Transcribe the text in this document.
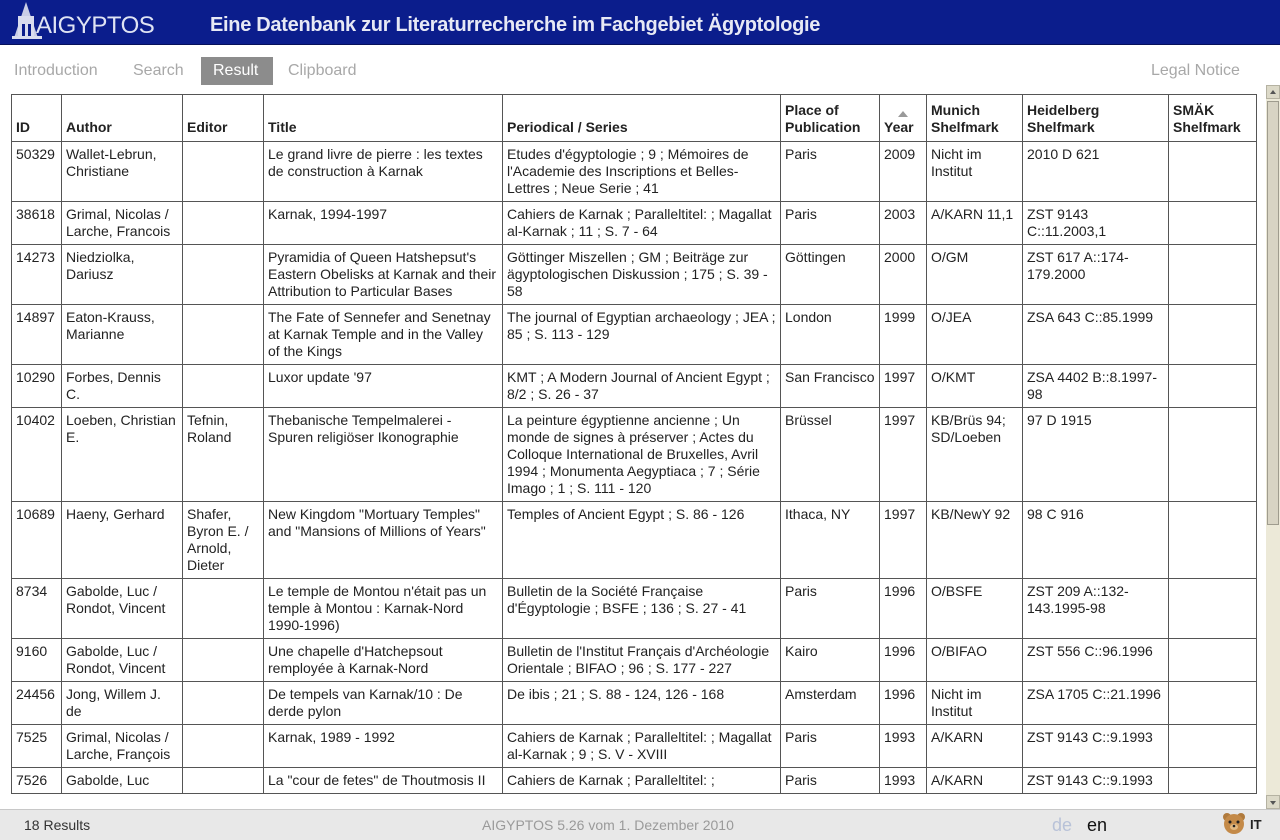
AIGYPTOS	Eine Datenbank zur Literaturrecherche im Fachgebiet Ägyptologie
Introduction	Search	Result	Clipboard	Legal Notice
ID	Author	Editor	Title	Periodical / Series	Place of Publication	Year	Munich Shelfmark	Heidelberg Shelfmark	SMÄK Shelfmark
50329	Wallet-Lebrun, Christiane		Le grand livre de pierre : les textes de construction à Karnak	Etudes d'égyptologie ; 9 ; Mémoires de l'Academie des Inscriptions et Belles-Lettres ; Neue Serie ; 41	Paris	2009	Nicht im Institut	2010 D 621	
38618	Grimal, Nicolas / Larche, Francois		Karnak, 1994-1997	Cahiers de Karnak ; Paralleltitel: ; Magallat al-Karnak ; 11 ; S. 7 - 64	Paris	2003	A/KARN 11,1	ZST 9143 C::11.2003,1	
14273	Niedziolka, Dariusz		Pyramidia of Queen Hatshepsut's Eastern Obelisks at Karnak and their Attribution to Particular Bases	Göttinger Miszellen ; GM ; Beiträge zur ägyptologischen Diskussion ; 175 ; S. 39 - 58	Göttingen	2000	O/GM	ZST 617 A::174-179.2000	
14897	Eaton-Krauss, Marianne		The Fate of Sennefer and Senetnay at Karnak Temple and in the Valley of the Kings	The journal of Egyptian archaeology ; JEA ; 85 ; S. 113 - 129	London	1999	O/JEA	ZSA 643 C::85.1999	
10290	Forbes, Dennis C.		Luxor update '97	KMT ; A Modern Journal of Ancient Egypt ; 8/2 ; S. 26 - 37	San Francisco	1997	O/KMT	ZSA 4402 B::8.1997-98	
10402	Loeben, Christian E.	Tefnin, Roland	Thebanische Tempelmalerei - Spuren religiöser Ikonographie	La peinture égyptienne ancienne ; Un monde de signes à préserver ; Actes du Colloque International de Bruxelles, Avril 1994 ; Monumenta Aegyptiaca ; 7 ; Série Imago ; 1 ; S. 111 - 120	Brüssel	1997	KB/Brüs 94; SD/Loeben	97 D 1915	
10689	Haeny, Gerhard	Shafer, Byron E. / Arnold, Dieter	New Kingdom "Mortuary Temples" and "Mansions of Millions of Years"	Temples of Ancient Egypt ; S. 86 - 126	Ithaca, NY	1997	KB/NewY 92	98 C 916	
8734	Gabolde, Luc / Rondot, Vincent		Le temple de Montou n'était pas un temple à Montou : Karnak-Nord 1990-1996)	Bulletin de la Société Française d'Égyptologie ; BSFE ; 136 ; S. 27 - 41	Paris	1996	O/BSFE	ZST 209 A::132-143.1995-98	
9160	Gabolde, Luc / Rondot, Vincent		Une chapelle d'Hatchepsout remployée à Karnak-Nord	Bulletin de l'Institut Français d'Archéologie Orientale ; BIFAO ; 96 ; S. 177 - 227	Kairo	1996	O/BIFAO	ZST 556 C::96.1996	
24456	Jong, Willem J. de		De tempels van Karnak/10 : De derde pylon	De ibis ; 21 ; S. 88 - 124, 126 - 168	Amsterdam	1996	Nicht im Institut	ZSA 1705 C::21.1996	
7525	Grimal, Nicolas / Larche, François		Karnak, 1989 - 1992	Cahiers de Karnak ; Paralleltitel: ; Magallat al-Karnak ; 9 ; S. V - XVIII	Paris	1993	A/KARN	ZST 9143 C::9.1993	
7526	Gabolde, Luc		La "cour de fetes" de Thoutmosis II	Cahiers de Karnak ; Paralleltitel: ;	Paris	1993	A/KARN	ZST 9143 C::9.1993	
18 Results	AIGYPTOS 5.26 vom 1. Dezember 2010	de en	IT
